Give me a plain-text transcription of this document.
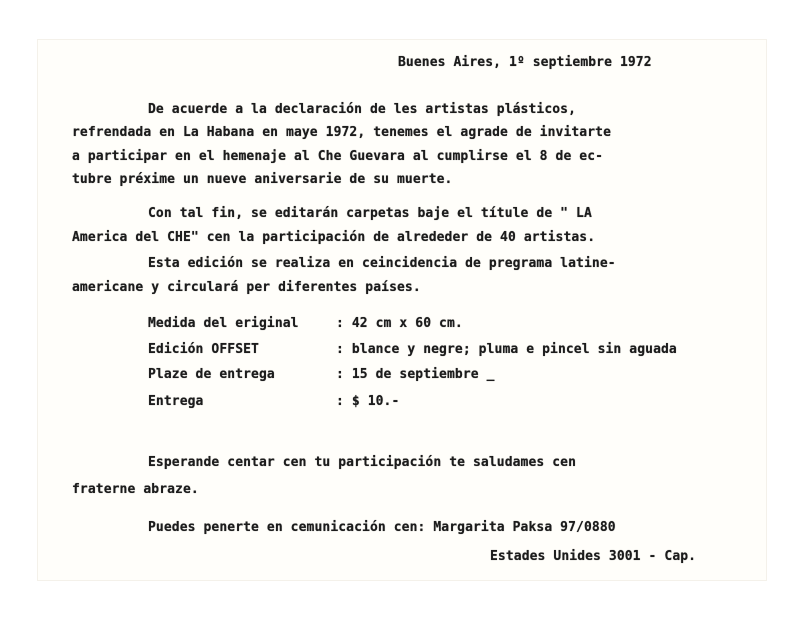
Buenes Aires, 1º septiembre 1972
De acuerde a la declaración de les artistas plásticos,
refrendada en La Habana en maye 1972, tenemes el agrade de invitarte
a participar en el hemenaje al Che Guevara al cumplirse el 8 de ec-
tubre préxime un nueve aniversarie de su muerte.
Con tal fin, se editarán carpetas baje el títule de " LA
America del CHE" cen la participación de alrededer de 40 artistas.
Esta edición se realiza en ceincidencia de pregrama latine-
americane y circulará per diferentes países.
Medida del eriginal	: 42 cm x 60 cm.
Edición OFFSET	: blance y negre; pluma e pincel sin aguada
Plaze de entrega	: 15 de septiembre _
Entrega	: $ 10.-
Esperande centar cen tu participación te saludames cen
fraterne abraze.
Puedes penerte en cemunicación cen: Margarita Paksa 97/0880
Estades Unides 3001 - Cap.
